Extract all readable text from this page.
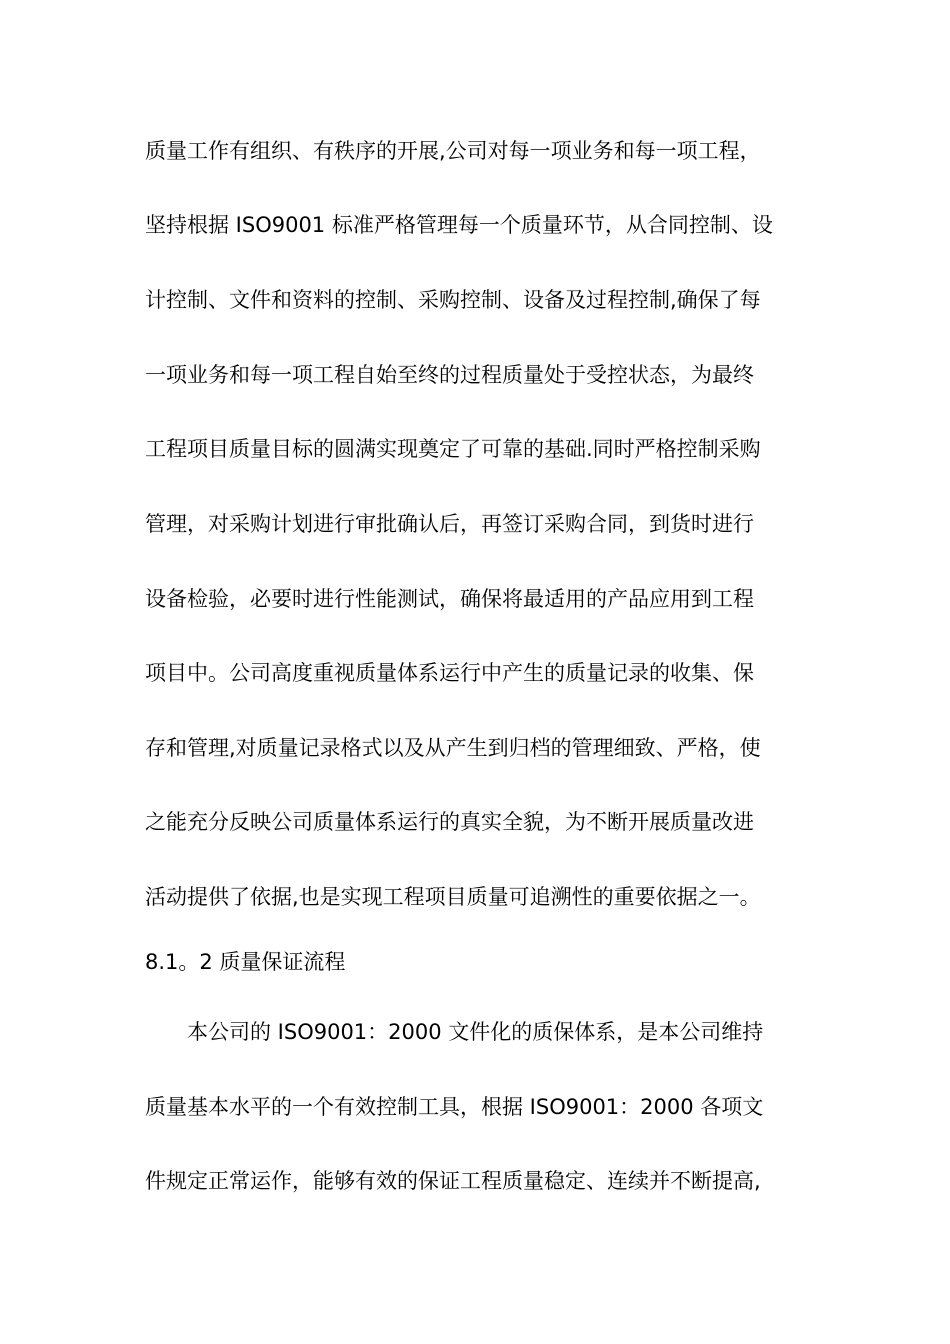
质量工作有组织、有秩序的开展,公司对每一项业务和每一项工程，
坚持根据 ISO9001 标准严格管理每一个质量环节，从合同控制、设
计控制、文件和资料的控制、采购控制、设备及过程控制,确保了每
一项业务和每一项工程自始至终的过程质量处于受控状态，为最终
工程项目质量目标的圆满实现奠定了可靠的基础.同时严格控制采购
管理，对采购计划进行审批确认后，再签订采购合同，到货时进行
设备检验，必要时进行性能测试，确保将最适用的产品应用到工程
项目中。公司高度重视质量体系运行中产生的质量记录的收集、保
存和管理,对质量记录格式以及从产生到归档的管理细致、严格，使
之能充分反映公司质量体系运行的真实全貌，为不断开展质量改进
活动提供了依据,也是实现工程项目质量可追溯性的重要依据之一。
8.1。2 质量保证流程
本公司的 ISO9001：2000 文件化的质保体系，是本公司维持
质量基本水平的一个有效控制工具，根据 ISO9001：2000 各项文
件规定正常运作，能够有效的保证工程质量稳定、连续并不断提高,
